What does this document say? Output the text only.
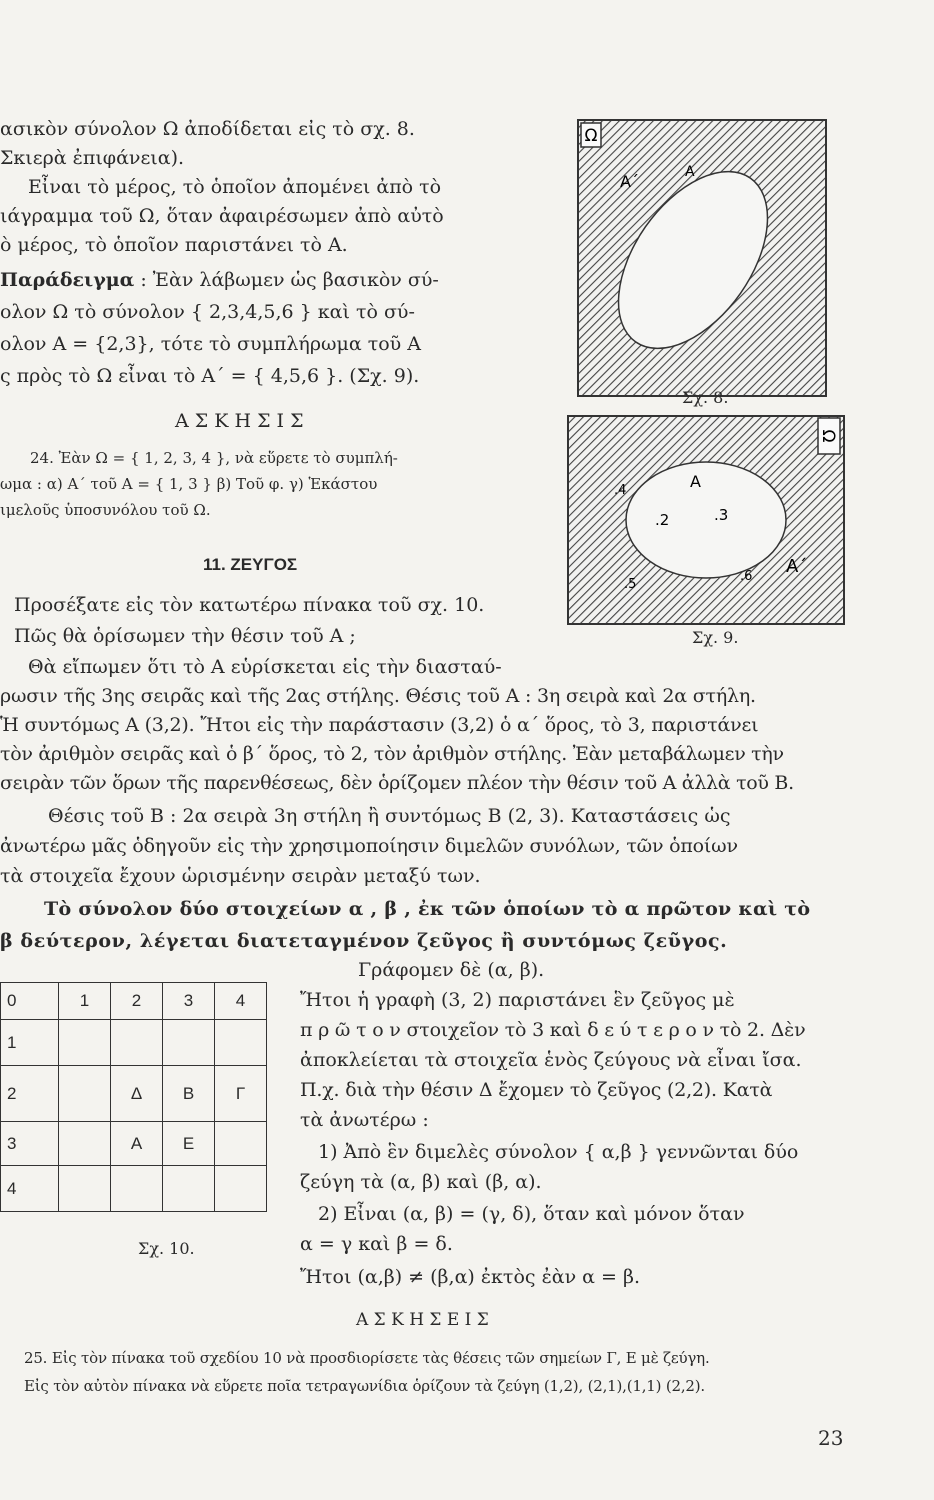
ασικὸν σύνολον Ω ἀποδίδεται εἰς τὸ σχ. 8.
Σκιερὰ ἐπιφάνεια).
Εἶναι τὸ μέρος, τὸ ὁποῖον ἀπομένει ἀπὸ τὸ
ιάγραμμα τοῦ Ω, ὅταν ἀφαιρέσωμεν ἀπὸ αὐτὸ
ὸ μέρος, τὸ ὁποῖον παριστάνει τὸ Α.
Παράδειγμα : Ἐὰν λάβωμεν ὡς βασικὸν σύ-
ολον Ω τὸ σύνολον { 2,3,4,5,6 } καὶ τὸ σύ-
ολον Α = {2,3}, τότε τὸ συμπλήρωμα τοῦ Α
ς πρὸς τὸ Ω εἶναι τὸ Α΄ = { 4,5,6 }. (Σχ. 9).
Α Σ Κ Η Σ Ι Σ
24. Ἐὰν Ω = { 1, 2, 3, 4 }, νὰ εὕρετε τὸ συμπλή-
ωμα : α) Α΄ τοῦ Α = { 1, 3 } β) Τοῦ φ. γ) Ἑκάστου
ιμελοῦς ὑποσυνόλου τοῦ Ω.
11. ΖΕΥΓΟΣ
Προσέξατε εἰς τὸν κατωτέρω πίνακα τοῦ σχ. 10.
Πῶς θὰ ὁρίσωμεν τὴν θέσιν τοῦ Α ;
Θὰ εἴπωμεν ὅτι τὸ Α εὑρίσκεται εἰς τὴν διασταύ-
ρωσιν τῆς 3ης σειρᾶς καὶ τῆς 2ας στήλης. Θέσις τοῦ Α : 3η σειρὰ καὶ 2α στήλη.
Ἡ συντόμως Α (3,2). Ἤτοι εἰς τὴν παράστασιν (3,2) ὁ α΄ ὅρος, τὸ 3, παριστάνει
τὸν ἀριθμὸν σειρᾶς καὶ ὁ β΄ ὅρος, τὸ 2, τὸν ἀριθμὸν στήλης. Ἐὰν μεταβάλωμεν τὴν
σειρὰν τῶν ὅρων τῆς παρενθέσεως, δὲν ὁρίζομεν πλέον τὴν θέσιν τοῦ Α ἀλλὰ τοῦ Β.
Θέσις τοῦ Β : 2α σειρὰ 3η στήλη ἢ συντόμως Β (2, 3). Καταστάσεις ὡς
ἀνωτέρω μᾶς ὁδηγοῦν εἰς τὴν χρησιμοποίησιν διμελῶν συνόλων, τῶν ὁποίων
τὰ στοιχεῖα ἔχουν ὡρισμένην σειρὰν μεταξύ των.
Τὸ σύνολον δύο στοιχείων α , β , ἐκ τῶν ὁποίων τὸ α πρῶτον καὶ τὸ
β δεύτερον, λέγεται διατεταγμένον ζεῦγος ἢ συντόμως ζεῦγος.
Γράφομεν δὲ (α, β).
Ἤτοι ἡ γραφὴ (3, 2) παριστάνει ἓν ζεῦγος μὲ
π ρ ῶ τ ο ν στοιχεῖον τὸ 3 καὶ δ ε ύ τ ε ρ ο ν τὸ 2. Δὲν
ἀποκλείεται τὰ στοιχεῖα ἑνὸς ζεύγους νὰ εἶναι ἴσα.
Π.χ. διὰ τὴν θέσιν Δ ἔχομεν τὸ ζεῦγος (2,2). Κατὰ
τὰ ἀνωτέρω :
1) Ἀπὸ ἓν διμελὲς σύνολον { α,β } γεννῶνται δύο
ζεύγη τὰ (α, β) καὶ (β, α).
2) Εἶναι (α, β) = (γ, δ), ὅταν καὶ μόνον ὅταν
α = γ καὶ β = δ.
Ἤτοι (α,β) ≠ (β,α) ἐκτὸς ἐὰν α = β.
Α Σ Κ Η Σ Ε Ι Σ
25. Εἰς τὸν πίνακα τοῦ σχεδίου 10 νὰ προσδιορίσετε τὰς θέσεις τῶν σημείων Γ, Ε μὲ ζεύγη.
Εἰς τὸν αὐτὸν πίνακα νὰ εὕρετε ποῖα τετραγωνίδια ὁρίζουν τὰ ζεύγη (1,2), (2,1),(1,1) (2,2).
23
Ω
Α΄	Α
Σχ. 8.
Ω
Α
.2	.3
.4
.5
.6 Α΄
Σχ. 9.
0	1	2	3	4
1				
2		Δ	Β	Γ
3		Α	Ε	
4				
Σχ. 10.
